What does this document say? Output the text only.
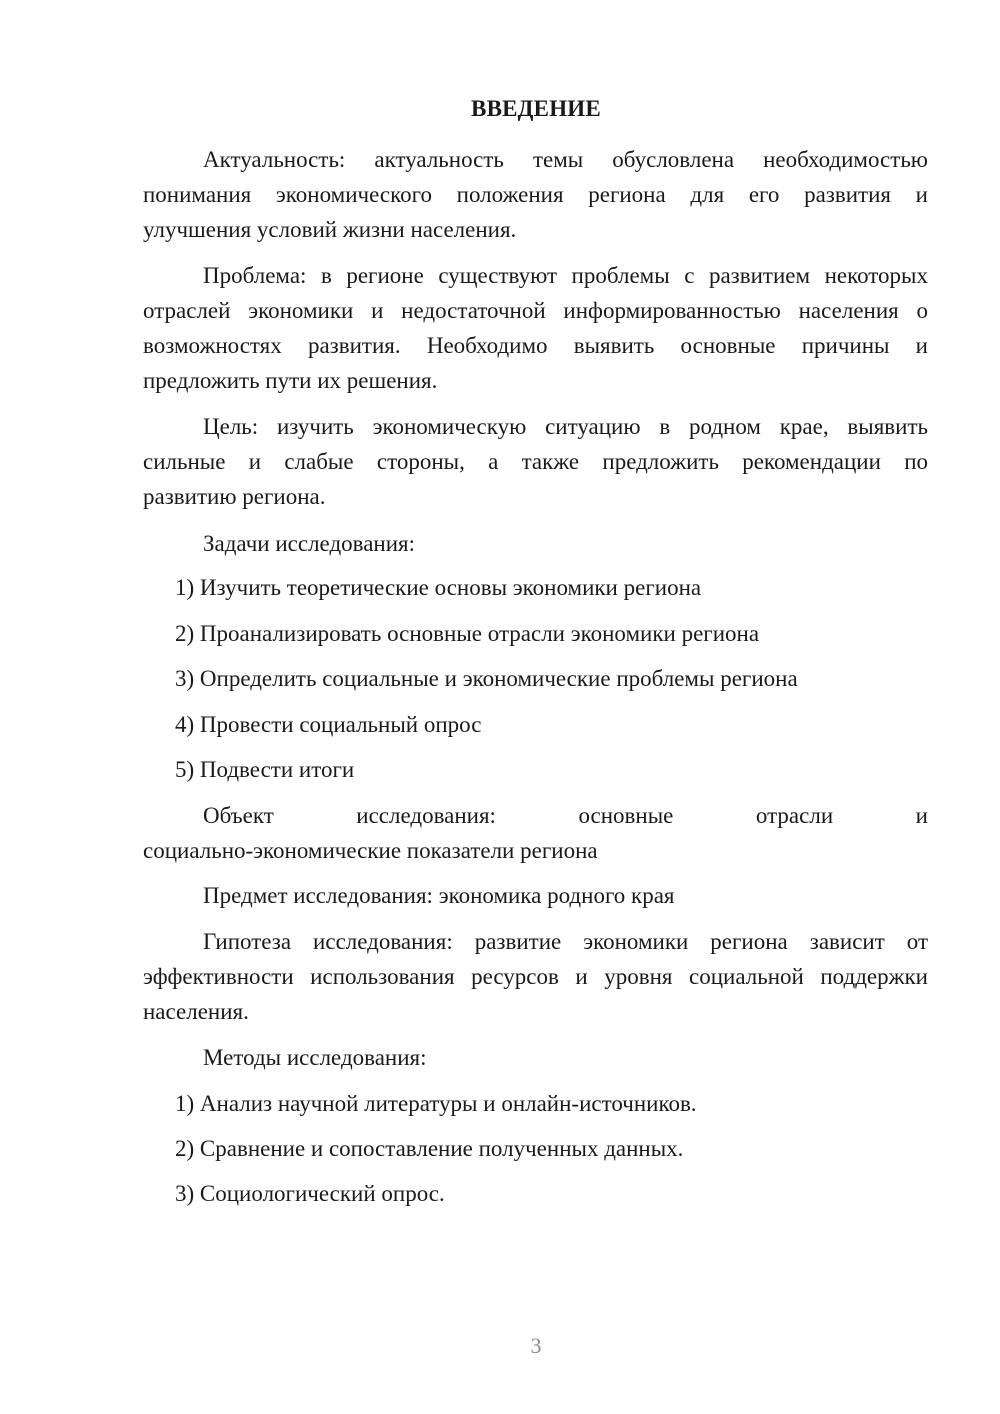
ВВЕДЕНИЕ
Актуальность: актуальность темы обусловлена необходимостью
понимания экономического положения региона для его развития и
улучшения условий жизни населения.
Проблема: в регионе существуют проблемы с развитием некоторых
отраслей экономики и недостаточной информированностью населения о
возможностях развития. Необходимо выявить основные причины и
предложить пути их решения.
Цель: изучить экономическую ситуацию в родном крае, выявить
сильные и слабые стороны, а также предложить рекомендации по
развитию региона.
Задачи исследования:
1) Изучить теоретические основы экономики региона
2) Проанализировать основные отрасли экономики региона
3) Определить социальные и экономические проблемы региона
4) Провести социальный опрос
5) Подвести итоги
Объект	исследования:	основные	отрасли	и
социально-экономические показатели региона
Предмет исследования: экономика родного края
Гипотеза исследования: развитие экономики региона зависит от
эффективности использования ресурсов и уровня социальной поддержки
населения.
Методы исследования:
1) Анализ научной литературы и онлайн-источников.
2) Сравнение и сопоставление полученных данных.
3) Социологический опрос.
3
